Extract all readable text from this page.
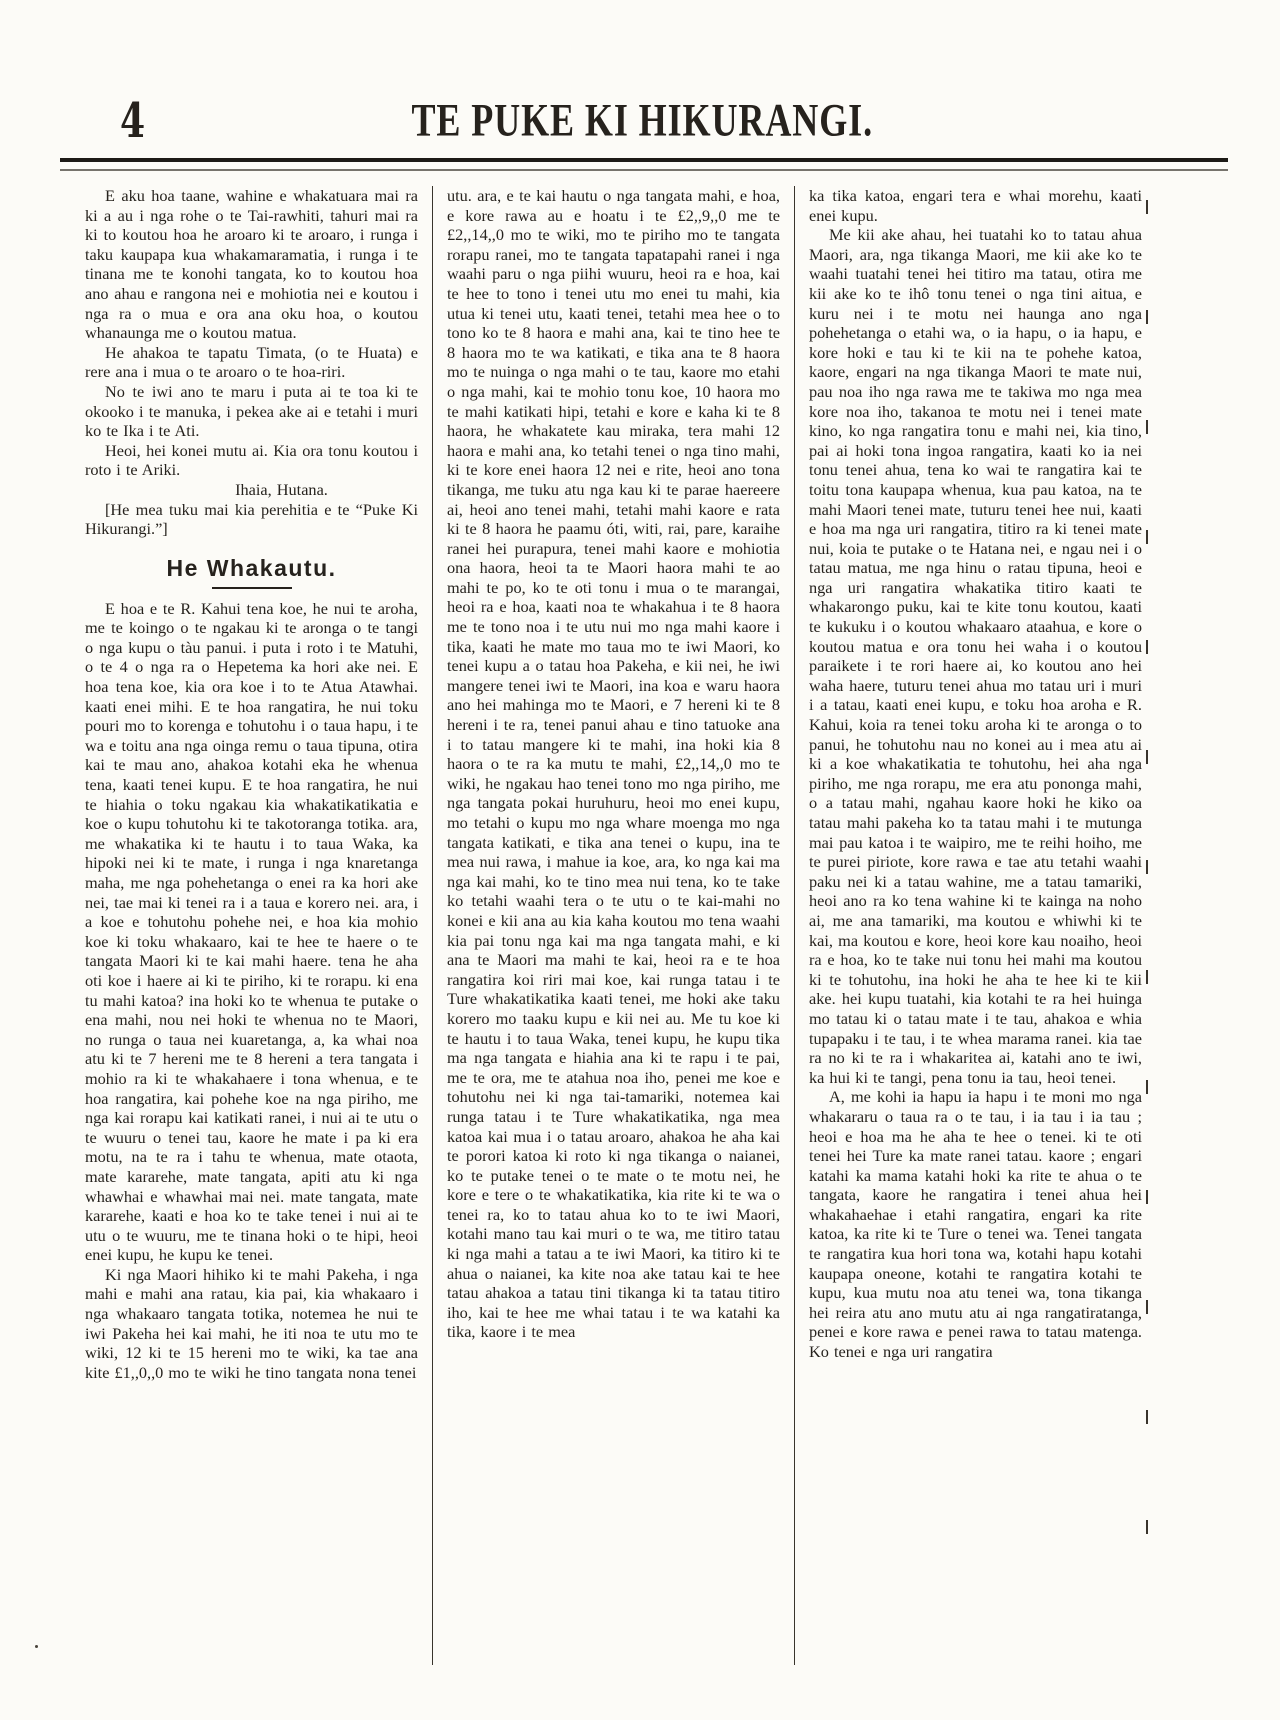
4	TE PUKE KI HIKURANGI.

E aku hoa taane, wahine e whakatuara mai ra ki a au i nga rohe o te Tai-rawhiti, tahuri mai ra ki to koutou hoa he aroaro ki te aroaro, i runga i taku kaupapa kua whakamaramatia, i runga i te tinana me te konohi tangata, ko to koutou hoa ano ahau e rangona nei e mohiotia nei e koutou i nga ra o mua e ora ana oku hoa, o koutou whanaunga me o koutou matua.

He ahakoa te tapatu Timata, (o te Huata) e rere ana i mua o te aroaro o te hoa-riri.

No te iwi ano te maru i puta ai te toa ki te okooko i te manuka, i pekea ake ai e tetahi i muri ko te Ika i te Ati.

Heoi, hei konei mutu ai. Kia ora tonu koutou i roto i te Ariki.

Ihaia, Hutana.

[He mea tuku mai kia perehitia e te “Puke Ki Hikurangi.”]

He Whakautu.

E hoa e te R. Kahui tena koe, he nui te aroha, me te koingo o te ngakau ki te aronga o te tangi o nga kupu o tàu panui. i puta i roto i te Matuhi, o te 4 o nga ra o Hepetema ka hori ake nei. E hoa tena koe, kia ora koe i to te Atua Atawhai. kaati enei mihi. E te hoa rangatira, he nui toku pouri mo to korenga e tohutohu i o taua hapu, i te wa e toitu ana nga oinga remu o taua tipuna, otira kai te mau ano, ahakoa kotahi eka he whenua tena, kaati tenei kupu. E te hoa rangatira, he nui te hiahia o toku ngakau kia whakatikatikatia e koe o kupu tohutohu ki te takotoranga totika. ara, me whakatika ki te hautu i to taua Waka, ka hipoki nei ki te mate, i runga i nga knaretanga maha, me nga pohehetanga o enei ra ka hori ake nei, tae mai ki tenei ra i a taua e korero nei. ara, i a koe e tohutohu pohehe nei, e hoa kia mohio koe ki toku whakaaro, kai te hee te haere o te tangata Maori ki te kai mahi haere. tena he aha oti koe i haere ai ki te piriho, ki te rorapu. ki ena tu mahi katoa? ina hoki ko te whenua te putake o ena mahi, nou nei hoki te whenua no te Maori, no runga o taua nei kuaretanga, a, ka whai noa atu ki te 7 hereni me te 8 hereni a tera tangata i mohio ra ki te whakahaere i tona whenua, e te hoa rangatira, kai pohehe koe na nga piriho, me nga kai rorapu kai katikati ranei, i nui ai te utu o te wuuru o tenei tau, kaore he mate i pa ki era motu, na te ra i tahu te whenua, mate otaota, mate kararehe, mate tangata, apiti atu ki nga whawhai e whawhai mai nei. mate tangata, mate kararehe, kaati e hoa ko te take tenei i nui ai te utu o te wuuru, me te tinana hoki o te hipi, heoi enei kupu, he kupu ke tenei.

Ki nga Maori hihiko ki te mahi Pakeha, i nga mahi e mahi ana ratau, kia pai, kia whakaaro i nga whakaaro tangata totika, notemea he nui te iwi Pakeha hei kai mahi, he iti noa te utu mo te wiki, 12 ki te 15 hereni mo te wiki, ka tae ana kite £1,,0,,0 mo te wiki he tino tangata nona tenei

utu. ara, e te kai hautu o nga tangata mahi, e hoa, e kore rawa au e hoatu i te £2,,9,,0 me te £2,,14,,0 mo te wiki, mo te piriho mo te tangata rorapu ranei, mo te tangata tapatapahi ranei i nga waahi paru o nga piihi wuuru, heoi ra e hoa, kai te hee to tono i tenei utu mo enei tu mahi, kia utua ki tenei utu, kaati tenei, tetahi mea hee o to tono ko te 8 haora e mahi ana, kai te tino hee te 8 haora mo te wa katikati, e tika ana te 8 haora mo te nuinga o nga mahi o te tau, kaore mo etahi o nga mahi, kai te mohio tonu koe, 10 haora mo te mahi katikati hipi, tetahi e kore e kaha ki te 8 haora, he whakatete kau miraka, tera mahi 12 haora e mahi ana, ko tetahi tenei o nga tino mahi, ki te kore enei haora 12 nei e rite, heoi ano tona tikanga, me tuku atu nga kau ki te parae haereere ai, heoi ano tenei mahi, tetahi mahi kaore e rata ki te 8 haora he paamu óti, witi, rai, pare, karaihe ranei hei purapura, tenei mahi kaore e mohiotia ona haora, heoi ta te Maori haora mahi te ao mahi te po, ko te oti tonu i mua o te marangai, heoi ra e hoa, kaati noa te whakahua i te 8 haora me te tono noa i te utu nui mo nga mahi kaore i tika, kaati he mate mo taua mo te iwi Maori, ko tenei kupu a o tatau hoa Pakeha, e kii nei, he iwi mangere tenei iwi te Maori, ina koa e waru haora ano hei mahinga mo te Maori, e 7 hereni ki te 8 hereni i te ra, tenei panui ahau e tino tatuoke ana i to tatau mangere ki te mahi, ina hoki kia 8 haora o te ra ka mutu te mahi, £2,,14,,0 mo te wiki, he ngakau hao tenei tono mo nga piriho, me nga tangata pokai huruhuru, heoi mo enei kupu, mo tetahi o kupu mo nga whare moenga mo nga tangata katikati, e tika ana tenei o kupu, ina te mea nui rawa, i mahue ia koe, ara, ko nga kai ma nga kai mahi, ko te tino mea nui tena, ko te take ko tetahi waahi tera o te utu o te kai-mahi no konei e kii ana au kia kaha koutou mo tena waahi kia pai tonu nga kai ma nga tangata mahi, e ki ana te Maori ma mahi te kai, heoi ra e te hoa rangatira koi riri mai koe, kai runga tatau i te Ture whakatikatika kaati tenei, me hoki ake taku korero mo taaku kupu e kii nei au. Me tu koe ki te hautu i to taua Waka, tenei kupu, he kupu tika ma nga tangata e hiahia ana ki te rapu i te pai, me te ora, me te atahua noa iho, penei me koe e tohutohu nei ki nga tai-tamariki, notemea kai runga tatau i te Ture whakatikatika, nga mea katoa kai mua i o tatau aroaro, ahakoa he aha kai te porori katoa ki roto ki nga tikanga o naianei, ko te putake tenei o te mate o te motu nei, he kore e tere o te whakatikatika, kia rite ki te wa o tenei ra, ko to tatau ahua ko to te iwi Maori, kotahi mano tau kai muri o te wa, me titiro tatau ki nga mahi a tatau a te iwi Maori, ka titiro ki te ahua o naianei, ka kite noa ake tatau kai te hee tatau ahakoa a tatau tini tikanga ki ta tatau titiro iho, kai te hee me whai tatau i te wa katahi ka tika, kaore i te mea

ka tika katoa, engari tera e whai morehu, kaati enei kupu.

Me kii ake ahau, hei tuatahi ko to tatau ahua Maori, ara, nga tikanga Maori, me kii ake ko te waahi tuatahi tenei hei titiro ma tatau, otira me kii ake ko te ihô tonu tenei o nga tini aitua, e kuru nei i te motu nei haunga ano nga pohehetanga o etahi wa, o ia hapu, o ia hapu, e kore hoki e tau ki te kii na te pohehe katoa, kaore, engari na nga tikanga Maori te mate nui, pau noa iho nga rawa me te takiwa mo nga mea kore noa iho, takanoa te motu nei i tenei mate kino, ko nga rangatira tonu e mahi nei, kia tino, pai ai hoki tona ingoa rangatira, kaati ko ia nei tonu tenei ahua, tena ko wai te rangatira kai te toitu tona kaupapa whenua, kua pau katoa, na te mahi Maori tenei mate, tuturu tenei hee nui, kaati e hoa ma nga uri rangatira, titiro ra ki tenei mate nui, koia te putake o te Hatana nei, e ngau nei i o tatau matua, me nga hinu o ratau tipuna, heoi e nga uri rangatira whakatika titiro kaati te whakarongo puku, kai te kite tonu koutou, kaati te kukuku i o koutou whakaaro ataahua, e kore o koutou matua e ora tonu hei waha i o koutou paraikete i te rori haere ai, ko koutou ano hei waha haere, tuturu tenei ahua mo tatau uri i muri i a tatau, kaati enei kupu, e toku hoa aroha e R. Kahui, koia ra tenei toku aroha ki te aronga o to panui, he tohutohu nau no konei au i mea atu ai ki a koe whakatikatia te tohutohu, hei aha nga piriho, me nga rorapu, me era atu pononga mahi, o a tatau mahi, ngahau kaore hoki he kiko oa tatau mahi pakeha ko ta tatau mahi i te mutunga mai pau katoa i te waipiro, me te reihi hoiho, me te purei piriote, kore rawa e tae atu tetahi waahi paku nei ki a tatau wahine, me a tatau tamariki, heoi ano ra ko tena wahine ki te kainga na noho ai, me ana tamariki, ma koutou e whiwhi ki te kai, ma koutou e kore, heoi kore kau noaiho, heoi ra e hoa, ko te take nui tonu hei mahi ma koutou ki te tohutohu, ina hoki he aha te hee ki te kii ake. hei kupu tuatahi, kia kotahi te ra hei huinga mo tatau ki o tatau mate i te tau, ahakoa e whia tupapaku i te tau, i te whea marama ranei. kia tae ra no ki te ra i whakaritea ai, katahi ano te iwi, ka hui ki te tangi, pena tonu ia tau, heoi tenei.

A, me kohi ia hapu ia hapu i te moni mo nga whakararu o taua ra o te tau, i ia tau i ia tau ; heoi e hoa ma he aha te hee o tenei. ki te oti tenei hei Ture ka mate ranei tatau. kaore ; engari katahi ka mama katahi hoki ka rite te ahua o te tangata, kaore he rangatira i tenei ahua hei whakahaehae i etahi rangatira, engari ka rite katoa, ka rite ki te Ture o tenei wa. Tenei tangata te rangatira kua hori tona wa, kotahi hapu kotahi kaupapa oneone, kotahi te rangatira kotahi te kupu, kua mutu noa atu tenei wa, tona tikanga hei reira atu ano mutu atu ai nga rangatiratanga, penei e kore rawa e penei rawa to tatau matenga. Ko tenei e nga uri rangatira
